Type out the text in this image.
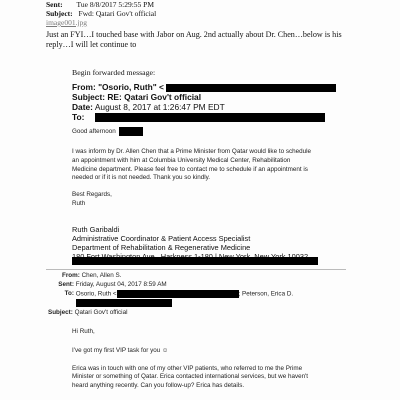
Sent: Tue 8/8/2017 5:29:55 PM
Subject: Fwd: Qatari Gov't official
image001.jpg
Just an FYI…I touched base with Jabor on Aug. 2nd actually about Dr. Chen…below is his
reply…I will let continue to
Begin forwarded message:
From: "Osorio, Ruth" <
Subject: RE: Qatari Gov't official
Date: August 8, 2017 at 1:26:47 PM EDT
To:
Good afternoon
I was inform by Dr. Allen Chen that a Prime Minister from Qatar would like to schedule
an appointment with him at Columbia University Medical Center, Rehabilitation
Medicine department. Please feel free to contact me to schedule if an appointment is
needed or if it is not needed. Thank you so kindly.
Best Regards,
Ruth
Ruth Garibaldi
Administrative Coordinator & Patient Access Specialist
Department of Rehabilitation & Regenerative Medicine
From: Chen, Allen S.
Sent: Friday, August 04, 2017 8:59 AM
To: Osorio, Ruth <	; Peterson, Erica D.
Subject: Qatari Gov't official
Hi Ruth,
I've got my first VIP task for you ☺
Erica was in touch with one of my other VIP patients, who referred to me the Prime
Minister or something of Qatar. Erica contacted international services, but we haven't
heard anything recently. Can you follow-up? Erica has details.
